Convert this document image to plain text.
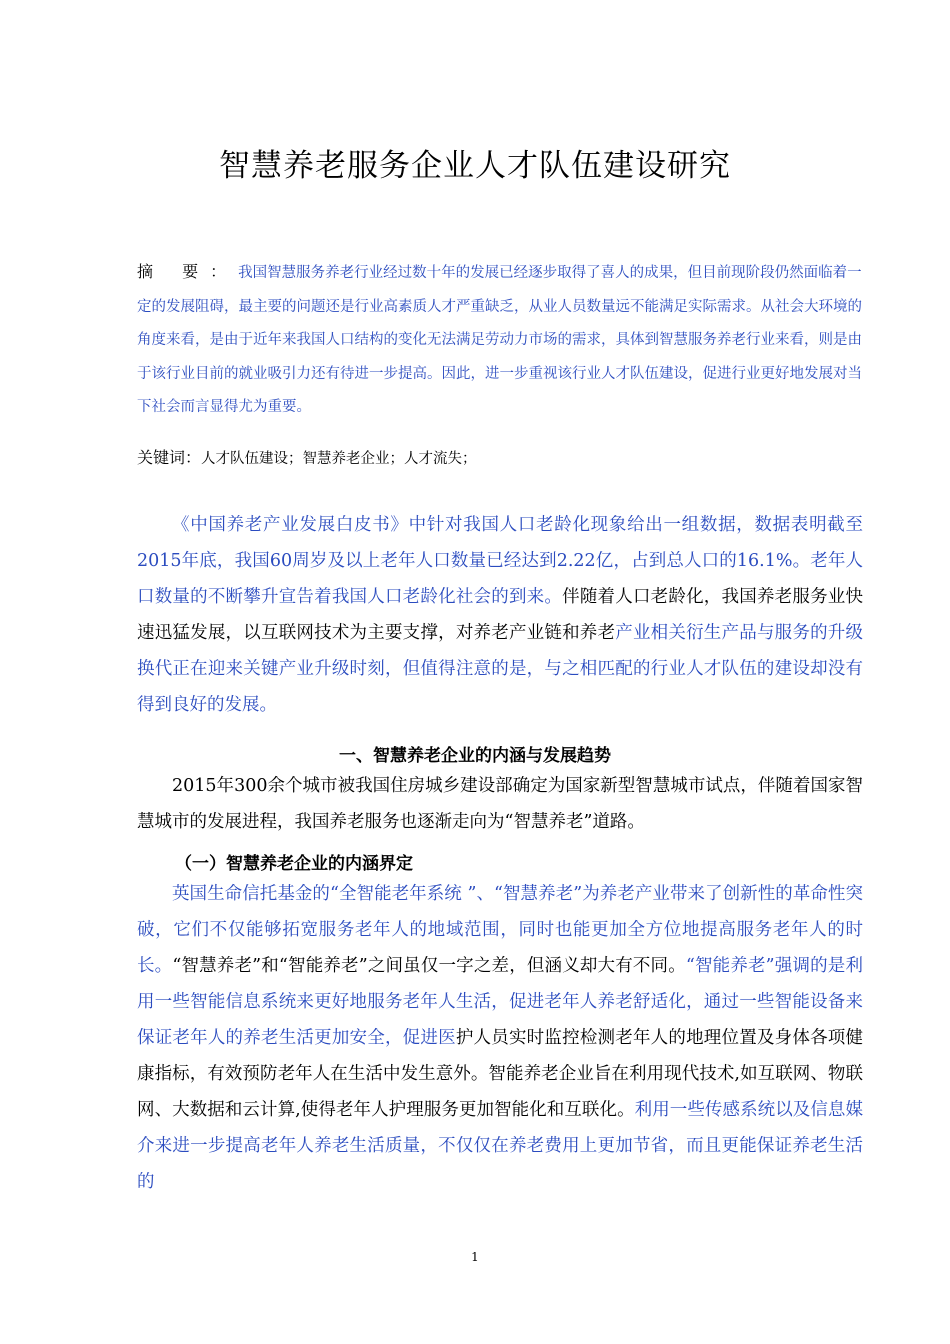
智慧养老服务企业人才队伍建设研究
摘 要：我国智慧服务养老行业经过数十年的发展已经逐步取得了喜人的成果，但目前现阶段仍然面临着一定的发展阻碍，最主要的问题还是行业高素质人才严重缺乏，从业人员数量远不能满足实际需求。从社会大环境的角度来看，是由于近年来我国人口结构的变化无法满足劳动力市场的需求，具体到智慧服务养老行业来看，则是由于该行业目前的就业吸引力还有待进一步提高。因此，进一步重视该行业人才队伍建设，促进行业更好地发展对当下社会而言显得尤为重要。
关键词：人才队伍建设；智慧养老企业；人才流失；
《中国养老产业发展白皮书》中针对我国人口老龄化现象给出一组数据，数据表明截至2015年底，我国60周岁及以上老年人口数量已经达到2.22亿，占到总人口的16.1%。老年人口数量的不断攀升宣告着我国人口老龄化社会的到来。伴随着人口老龄化，我国养老服务业快速迅猛发展，以互联网技术为主要支撑，对养老产业链和养老产业相关衍生产品与服务的升级换代正在迎来关键产业升级时刻，但值得注意的是，与之相匹配的行业人才队伍的建设却没有得到良好的发展。
一、智慧养老企业的内涵与发展趋势
2015年300余个城市被我国住房城乡建设部确定为国家新型智慧城市试点，伴随着国家智慧城市的发展进程，我国养老服务也逐渐走向为“智慧养老”道路。
（一）智慧养老企业的内涵界定
英国生命信托基金的“全智能老年系统 ”、“智慧养老”为养老产业带来了创新性的革命性突破，它们不仅能够拓宽服务老年人的地域范围，同时也能更加全方位地提高服务老年人的时长。“智慧养老”和“智能养老”之间虽仅一字之差，但涵义却大有不同。“智能养老”强调的是利用一些智能信息系统来更好地服务老年人生活，促进老年人养老舒适化，通过一些智能设备来保证老年人的养老生活更加安全，促进医护人员实时监控检测老年人的地理位置及身体各项健康指标，有效预防老年人在生活中发生意外。智能养老企业旨在利用现代技术,如互联网、物联网、大数据和云计算,使得老年人护理服务更加智能化和互联化。利用一些传感系统以及信息媒介来进一步提高老年人养老生活质量，不仅仅在养老费用上更加节省，而且更能保证养老生活的
1
